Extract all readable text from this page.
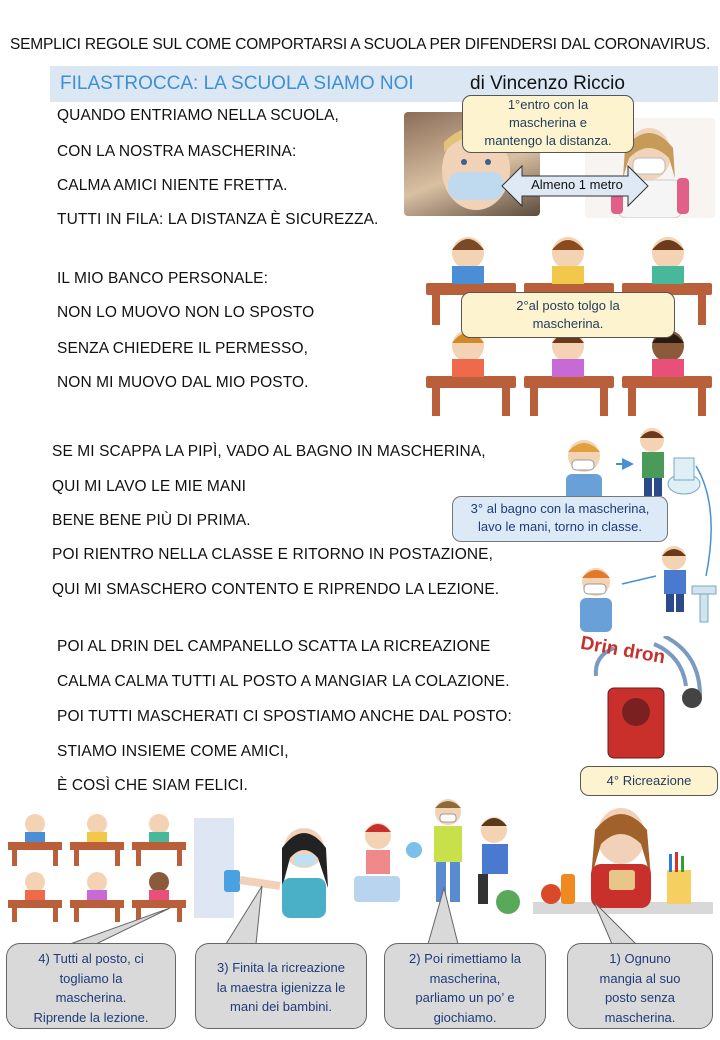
SEMPLICI REGOLE SUL COME COMPORTARSI A SCUOLA PER DIFENDERSI DAL CORONAVIRUS.
FILASTROCCA: LA SCUOLA SIAMO NOI	di Vincenzo Riccio
QUANDO ENTRIAMO NELLA SCUOLA,
CON LA NOSTRA MASCHERINA:
CALMA AMICI NIENTE FRETTA.
TUTTI IN FILA: LA DISTANZA È SICUREZZA.
IL MIO BANCO PERSONALE:
NON LO MUOVO NON LO SPOSTO
SENZA CHIEDERE IL PERMESSO,
NON MI MUOVO DAL MIO POSTO.
SE MI SCAPPA LA PIPÌ, VADO AL BAGNO IN MASCHERINA,
QUI MI LAVO LE MIE MANI
BENE BENE PIÙ DI PRIMA.
POI RIENTRO NELLA CLASSE E RITORNO IN POSTAZIONE,
QUI MI SMASCHERO CONTENTO E RIPRENDO LA LEZIONE.
POI AL DRIN DEL CAMPANELLO SCATTA LA RICREAZIONE
CALMA CALMA TUTTI AL POSTO A MANGIAR LA COLAZIONE.
POI TUTTI MASCHERATI CI SPOSTIAMO ANCHE DAL POSTO:
STIAMO INSIEME COME AMICI,
È COSÌ CHE SIAM FELICI.
1°entro con la
mascherina e
mantengo la distanza.
Almeno 1 metro
2°al posto tolgo la
mascherina.
3° al bagno con la mascherina,
lavo le mani, torno in classe.
Drin dron
4° Ricreazione
4) Tutti al posto, ci
togliamo la
mascherina.
Riprende la lezione.
3) Finita la ricreazione
la maestra igienizza le
mani dei bambini.
2) Poi rimettiamo la
mascherina,
parliamo un po’ e
giochiamo.
1) Ognuno
mangia al suo
posto senza
mascherina.
